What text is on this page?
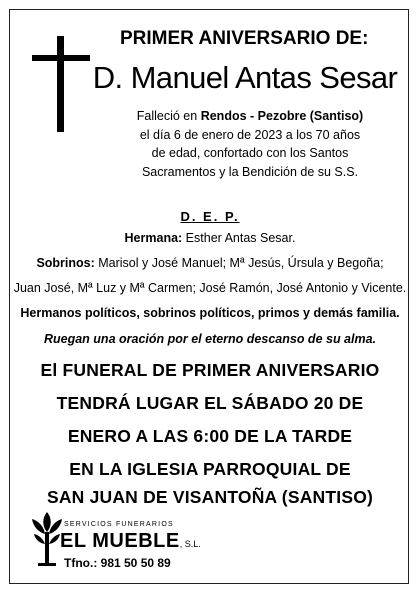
PRIMER ANIVERSARIO DE:
D. Manuel Antas Sesar
Falleció en Rendos - Pezobre (Santiso)
el día 6 de enero de 2023 a los 70 años
de edad, confortado con los Santos
Sacramentos y la Bendición de su S.S.
D. E. P.
Hermana: Esther Antas Sesar.
Sobrinos: Marisol y José Manuel; Mª Jesús, Úrsula y Begoña;
Juan José, Mª Luz y Mª Carmen; José Ramón, José Antonio y Vicente.
Hermanos políticos, sobrinos políticos, primos y demás familia.
Ruegan una oración por el eterno descanso de su alma.
El FUNERAL DE PRIMER ANIVERSARIO
TENDRÁ LUGAR EL SÁBADO 20 DE
ENERO A LAS 6:00 DE LA TARDE
EN LA IGLESIA PARROQUIAL DE
SAN JUAN DE VISANTOÑA (SANTISO)
SERVICIOS FUNERARIOS
EL MUEBLE, S.L.
Tfno.: 981 50 50 89
